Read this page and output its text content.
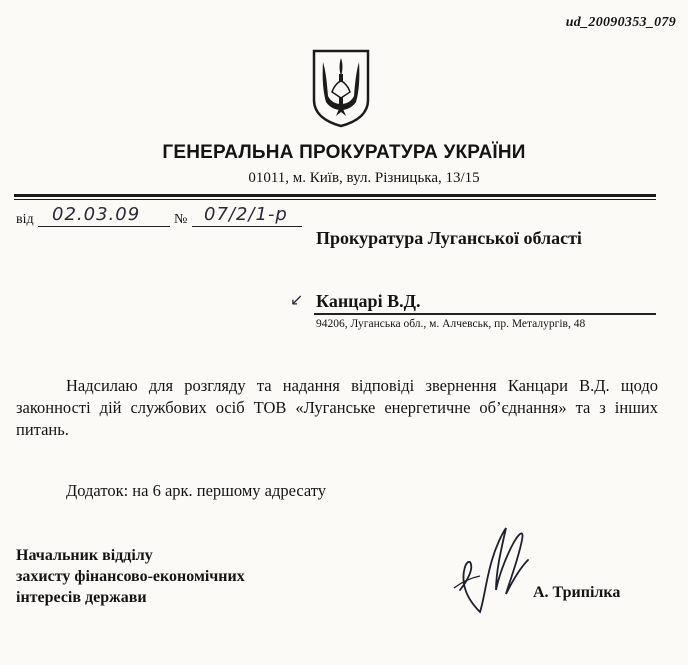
ud_20090353_079
ГЕНЕРАЛЬНА ПРОКУРАТУРА УКРАЇНИ
01011, м. Київ, вул. Різницька, 13/15
від 02.03.09 № 07/2/1-р
Прокуратура Луганської області
↙ Канцарі В.Д.
94206, Луганська обл., м. Алчевськ, пр. Металургів, 48

Надсилаю для розгляду та надання відповіді звернення Канцари В.Д. щодо законності дій службових осіб ТОВ «Луганське енергетичне об’єднання» та з інших питань.

Додаток: на 6 арк. першому адресату
Начальник відділу
захисту фінансово-економічних
інтересів держави	А. Трипілка
